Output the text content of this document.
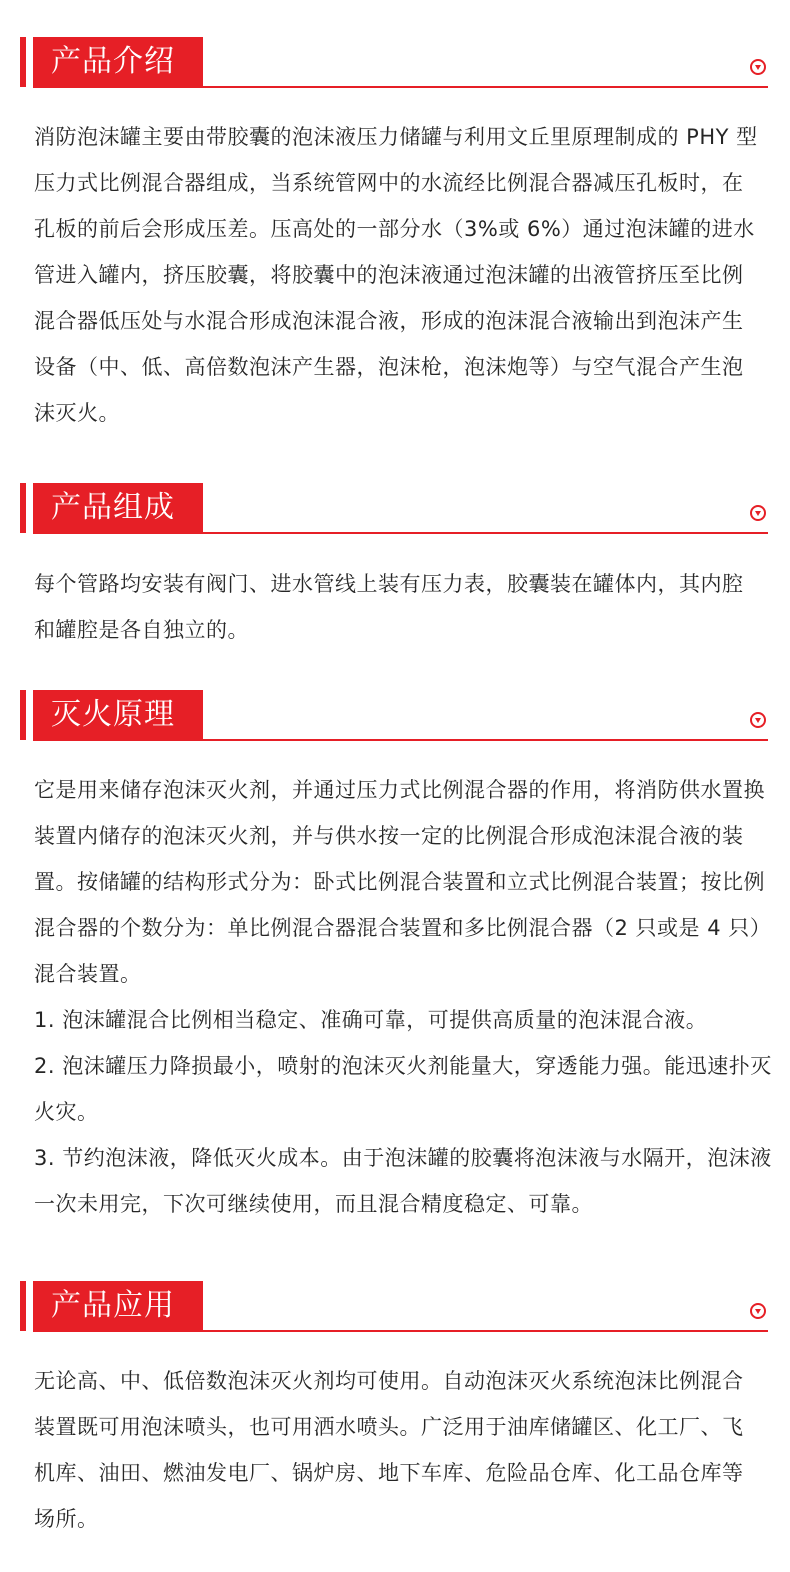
产品介绍

消防泡沫罐主要由带胶囊的泡沫液压力储罐与利用文丘里原理制成的 PHY 型压力式比例混合器组成，当系统管网中的水流经比例混合器减压孔板时，在孔板的前后会形成压差。压高处的一部分水（3%或 6%）通过泡沫罐的进水管进入罐内，挤压胶囊，将胶囊中的泡沫液通过泡沫罐的出液管挤压至比例混合器低压处与水混合形成泡沫混合液，形成的泡沫混合液输出到泡沫产生设备（中、低、高倍数泡沫产生器，泡沫枪，泡沫炮等）与空气混合产生泡沫灭火。

产品组成

每个管路均安装有阀门、进水管线上装有压力表，胶囊装在罐体内，其内腔和罐腔是各自独立的。

灭火原理

它是用来储存泡沫灭火剂，并通过压力式比例混合器的作用，将消防供水置换装置内储存的泡沫灭火剂，并与供水按一定的比例混合形成泡沫混合液的装置。按储罐的结构形式分为：卧式比例混合装置和立式比例混合装置；按比例混合器的个数分为：单比例混合器混合装置和多比例混合器（2 只或是 4 只）混合装置。

1. 泡沫罐混合比例相当稳定、准确可靠，可提供高质量的泡沫混合液。

2. 泡沫罐压力降损最小，喷射的泡沫灭火剂能量大，穿透能力强。能迅速扑灭火灾。

3. 节约泡沫液，降低灭火成本。由于泡沫罐的胶囊将泡沫液与水隔开，泡沫液一次未用完，下次可继续使用，而且混合精度稳定、可靠。

产品应用

无论高、中、低倍数泡沫灭火剂均可使用。自动泡沫灭火系统泡沫比例混合装置既可用泡沫喷头，也可用洒水喷头。广泛用于油库储罐区、化工厂、飞机库、油田、燃油发电厂、锅炉房、地下车库、危险品仓库、化工品仓库等场所。
